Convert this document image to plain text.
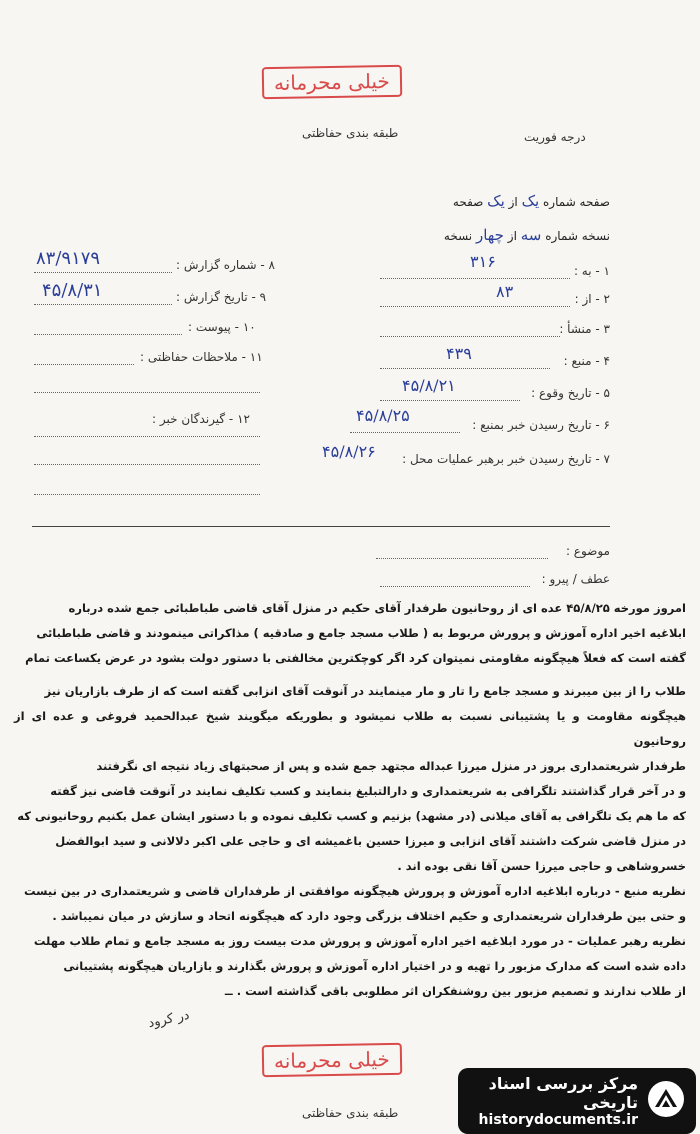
خیلی محرمانه
طبقه بندی حفاظتی	درجه فوریت
صفحه شماره یک از یک صفحه
نسخه شماره سه از چهار نسخه
۱ - به :
۳۱۶
۲ - از :
۸۳
۳ - منشأ :
۴ - منبع :
۴۳۹
۵ - تاریخ وقوع :
۴۵/۸/۲۱
۶ - تاریخ رسیدن خبر بمنبع :
۴۵/۸/۲۵
۷ - تاریخ رسیدن خبر برهبر عملیات محل :
۴۵/۸/۲۶
۸ - شماره گزارش :
۸۳/۹۱۷۹
۹ - تاریخ گزارش :
۴۵/۸/۳۱
۱۰ - پیوست :
۱۱ - ملاحظات حفاظتی :
۱۲ - گیرندگان خبر :
موضوع :
عطف / پیرو :

امروز مورخه ۴۵/۸/۲۵ عده ای از روحانیون طرفدار آقای حکیم در منزل آقای قاضی طباطبائی جمع شده درباره

ابلاغیه اخیر اداره آموزش و پرورش مربوط به ( طلاب مسجد جامع و صادقیه ) مذاکراتی مینمودند و قاضی طباطبائی

گفته است که فعلاً هیچگونه مقاومتی نمیتوان کرد اگر کوچکترین مخالفتی با دستور دولت بشود در عرض یکساعت تمام

طلاب را از بین میبرند و مسجد جامع را تار و مار مینمایند در آنوقت آقای انزابی گفته است که از طرف بازاریان نیز

هیچگونه مقاومت و یا پشتیبانی نسبت به طلاب نمیشود و بطوریکه میگویند شیخ عبدالحمید فروغی و عده ای از روحانیون

طرفدار شریعتمداری بروز در منزل میرزا عبداله مجتهد جمع شده و پس از صحبتهای زیاد نتیجه ای نگرفتند

و در آخر قرار گذاشتند تلگرافی به شریعتمداری و دارالتبلیغ بنمایند و کسب تکلیف نمایند در آنوقت قاضی نیز گفته

که ما هم یک تلگرافی به آقای میلانی (در مشهد) بزنیم و کسب تکلیف نموده و با دستور ایشان عمل بکنیم روحانیونی که

در منزل قاضی شرکت داشتند آقای انزابی و میرزا حسین باغمیشه ای و حاجی علی اکبر دلالانی و سید ابوالفضل

خسروشاهی و حاجی میرزا حسن آقا نقی بوده اند .

نظریه منبع - درباره ابلاغیه اداره آموزش و پرورش هیچگونه موافقتی از طرفداران قاضی و شریعتمداری در بین نیست

و حتی بین طرفداران شریعتمداری و حکیم اختلاف بزرگی وجود دارد که هیچگونه اتحاد و سازش در میان نمیباشد .

نظریه رهبر عملیات - در مورد ابلاغیه اخیر اداره آموزش و پرورش مدت بیست روز به مسجد جامع و تمام طلاب مهلت

داده شده است که مدارک مزبور را تهیه و در اختیار اداره آموزش و پرورش بگذارند و بازاریان هیچگونه پشتیبانی

از طلاب ندارند و تصمیم مزبور بین روشنفکران اثر مطلوبی باقی گذاشته است . ــ

در کرود
خیلی محرمانه
طبقه بندی حفاظتی
مرکز بررسی اسناد تاریخی
historydocuments.ir
